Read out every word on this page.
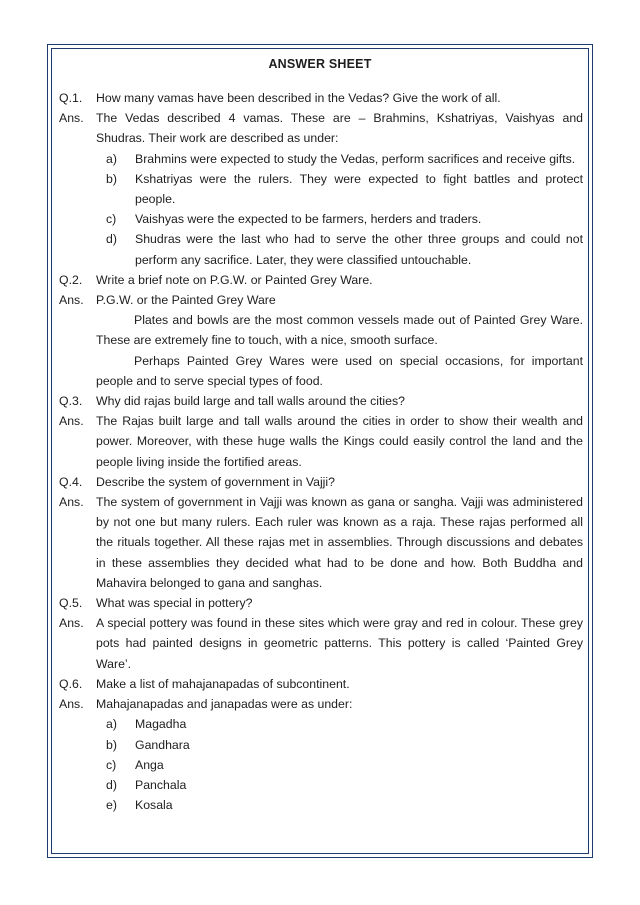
ANSWER SHEET
Q.1.	How many vamas have been described in the Vedas? Give the work of all.
Ans.	The Vedas described 4 vamas. These are – Brahmins, Kshatriyas, Vaishyas and Shudras. Their work are described as under:
a)	Brahmins were expected to study the Vedas, perform sacrifices and receive gifts.
b)	Kshatriyas were the rulers. They were expected to fight battles and protect people.
c)	Vaishyas were the expected to be farmers, herders and traders.
d)	Shudras were the last who had to serve the other three groups and could not perform any sacrifice. Later, they were classified untouchable.
Q.2.	Write a brief note on P.G.W. or Painted Grey Ware.
Ans.	P.G.W. or the Painted Grey Ware
Plates and bowls are the most common vessels made out of Painted Grey Ware. These are extremely fine to touch, with a nice, smooth surface.
Perhaps Painted Grey Wares were used on special occasions, for important people and to serve special types of food.
Q.3.	Why did rajas build large and tall walls around the cities?
Ans.	The Rajas built large and tall walls around the cities in order to show their wealth and power. Moreover, with these huge walls the Kings could easily control the land and the people living inside the fortified areas.
Q.4.	Describe the system of government in Vajji?
Ans.	The system of government in Vajji was known as gana or sangha. Vajji was administered by not one but many rulers. Each ruler was known as a raja. These rajas performed all the rituals together. All these rajas met in assemblies. Through discussions and debates in these assemblies they decided what had to be done and how. Both Buddha and Mahavira belonged to gana and sanghas.
Q.5.	What was special in pottery?
Ans.	A special pottery was found in these sites which were gray and red in colour. These grey pots had painted designs in geometric patterns. This pottery is called ‘Painted Grey Ware’.
Q.6.	Make a list of mahajanapadas of subcontinent.
Ans.	Mahajanapadas and janapadas were as under:
a)	Magadha
b)	Gandhara
c)	Anga
d)	Panchala
e)	Kosala
